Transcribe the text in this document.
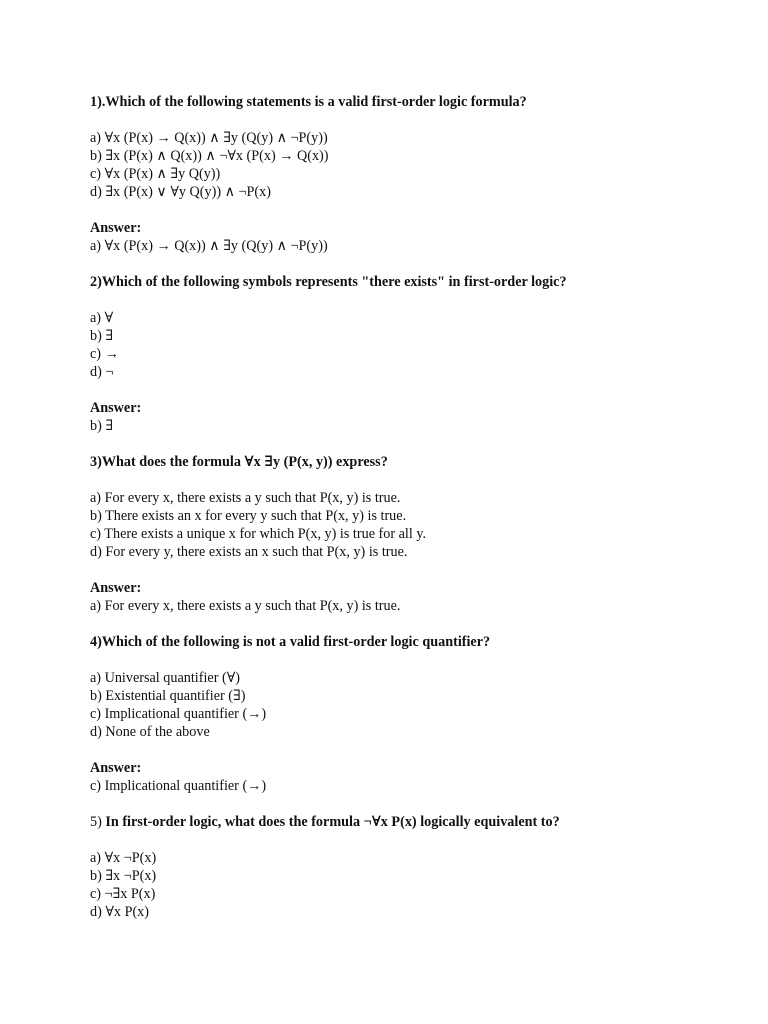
1).Which of the following statements is a valid first-order logic formula?
a) ∀x (P(x) → Q(x)) ∧ ∃y (Q(y) ∧ ¬P(y))
b) ∃x (P(x) ∧ Q(x)) ∧ ¬∀x (P(x) → Q(x))
c) ∀x (P(x) ∧ ∃y Q(y))
d) ∃x (P(x) ∨ ∀y Q(y)) ∧ ¬P(x)
Answer:
a) ∀x (P(x) → Q(x)) ∧ ∃y (Q(y) ∧ ¬P(y))
2)Which of the following symbols represents "there exists" in first-order logic?
a) ∀
b) ∃
c) →
d) ¬
Answer:
b) ∃
3)What does the formula ∀x ∃y (P(x, y)) express?
a) For every x, there exists a y such that P(x, y) is true.
b) There exists an x for every y such that P(x, y) is true.
c) There exists a unique x for which P(x, y) is true for all y.
d) For every y, there exists an x such that P(x, y) is true.
Answer:
a) For every x, there exists a y such that P(x, y) is true.
4)Which of the following is not a valid first-order logic quantifier?
a) Universal quantifier (∀)
b) Existential quantifier (∃)
c) Implicational quantifier (→)
d) None of the above
Answer:
c) Implicational quantifier (→)
5) In first-order logic, what does the formula ¬∀x P(x) logically equivalent to?
a) ∀x ¬P(x)
b) ∃x ¬P(x)
c) ¬∃x P(x)
d) ∀x P(x)
